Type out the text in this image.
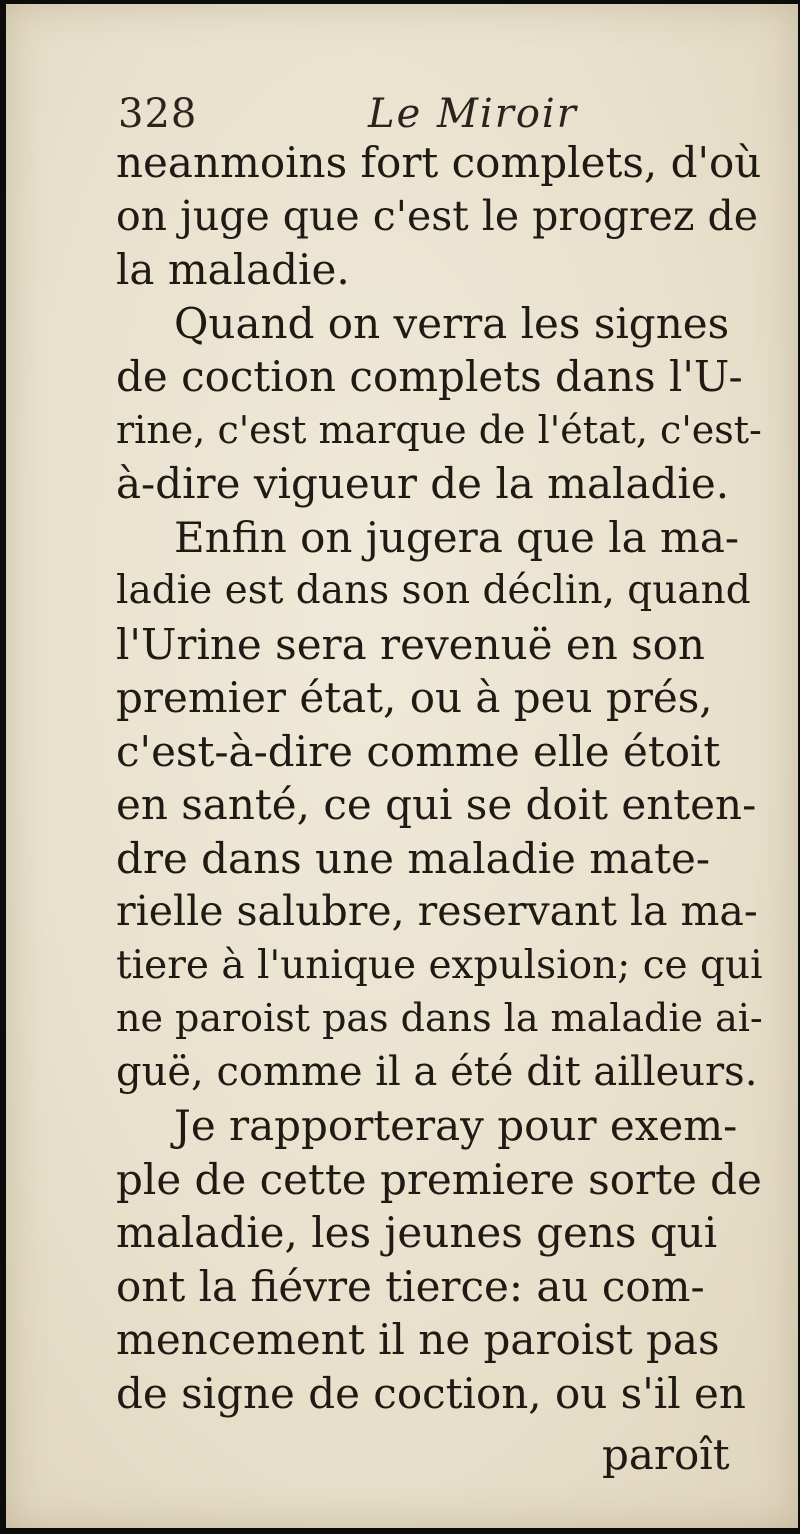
328	Le Miroir
neanmoins fort complets, d'où
on juge que c'est le progrez de
la maladie.
Quand on verra les signes
de coction complets dans l'U-
rine, c'est marque de l'état, c'est-
à-dire vigueur de la maladie.
Enfin on jugera que la ma-
ladie est dans son déclin, quand
l'Urine sera revenuë en son
premier état, ou à peu prés,
c'est-à-dire comme elle étoit
en santé, ce qui se doit enten-
dre dans une maladie mate-
rielle salubre, reservant la ma-
tiere à l'unique expulsion; ce qui
ne paroist pas dans la maladie ai-
guë, comme il a été dit ailleurs.
Je rapporteray pour exem-
ple de cette premiere sorte de
maladie, les jeunes gens qui
ont la fiévre tierce: au com-
mencement il ne paroist pas
de signe de coction, ou s'il en
paroît
